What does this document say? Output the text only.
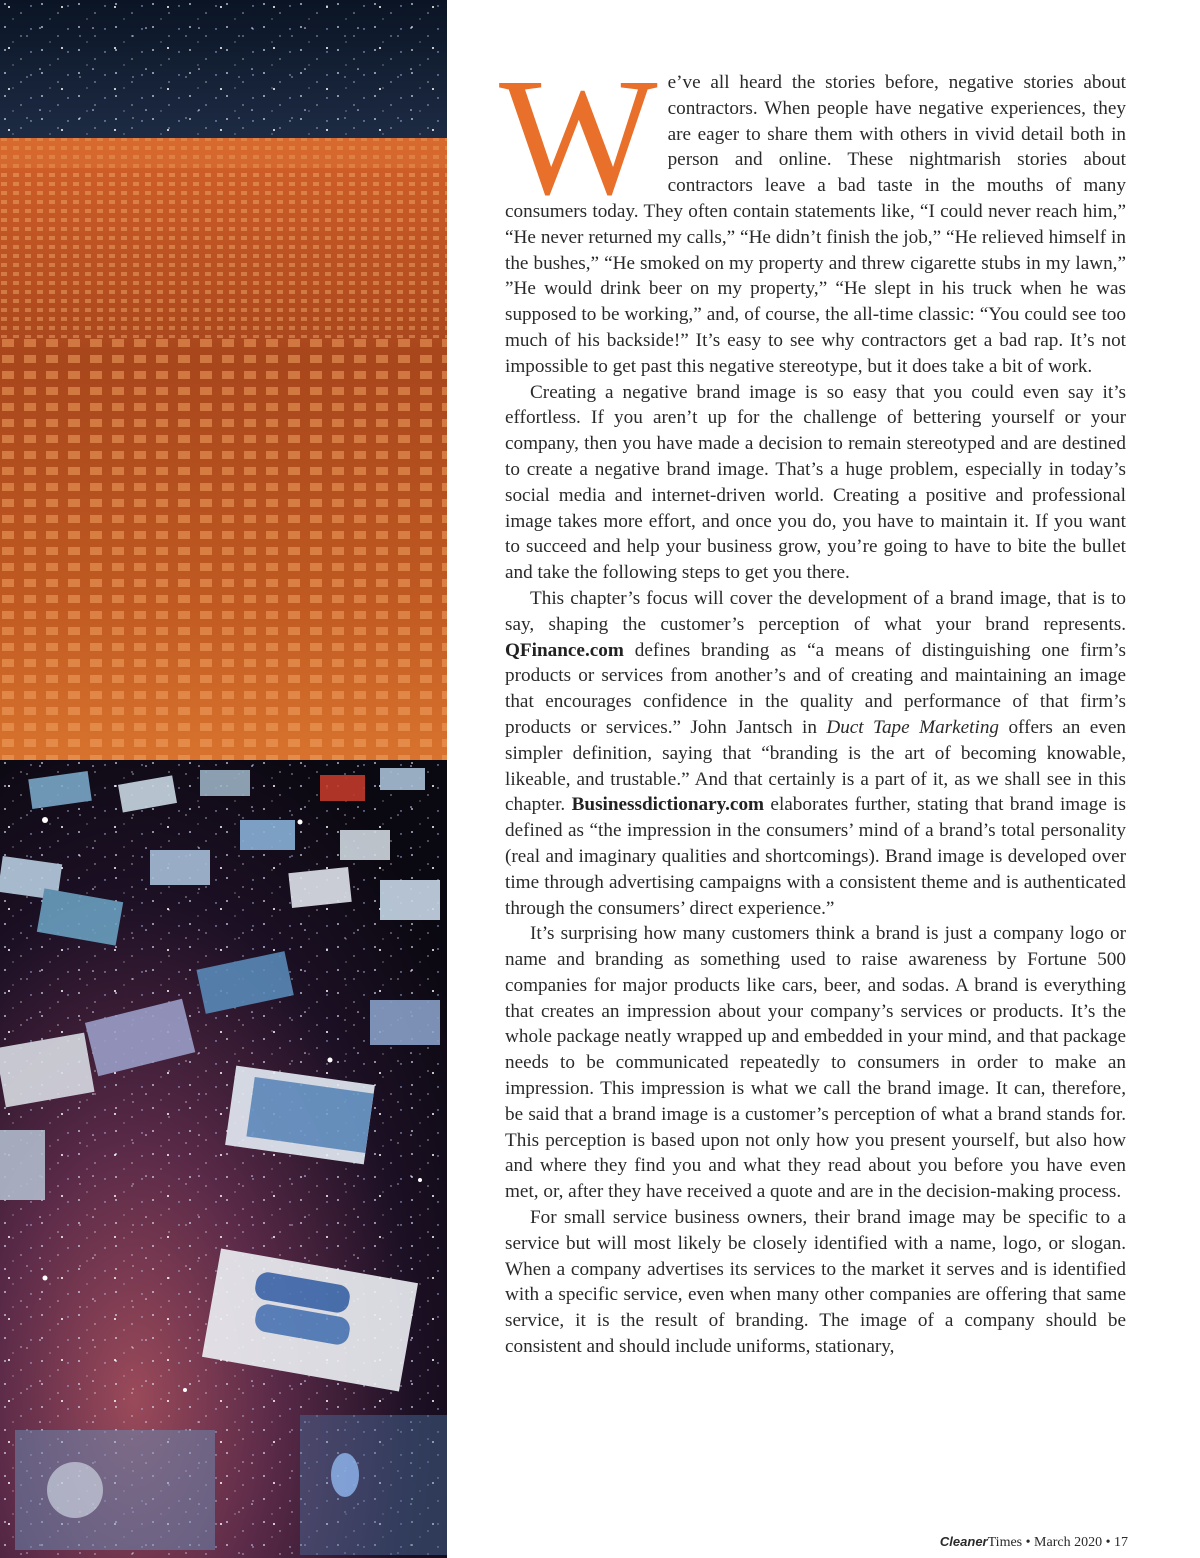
We’ve all heard the stories before, negative stories about contractors. When people have negative experiences, they are eager to share them with others in vivid detail both in person and online. These nightmarish stories about contractors leave a bad taste in the mouths of many consumers today. They often contain statements like, “I could never reach him,” “He never returned my calls,” “He didn’t finish the job,” “He relieved himself in the bushes,” “He smoked on my property and threw cigarette stubs in my lawn,” ”He would drink beer on my property,” “He slept in his truck when he was supposed to be working,” and, of course, the all-time classic: “You could see too much of his backside!” It’s easy to see why contractors get a bad rap. It’s not impossible to get past this negative stereotype, but it does take a bit of work.

Creating a negative brand image is so easy that you could even say it’s effortless. If you aren’t up for the challenge of bettering yourself or your company, then you have made a decision to remain stereotyped and are destined to create a negative brand image. That’s a huge problem, especially in today’s social media and internet-driven world. Creating a positive and professional image takes more effort, and once you do, you have to maintain it. If you want to succeed and help your business grow, you’re going to have to bite the bullet and take the following steps to get you there.

This chapter’s focus will cover the development of a brand image, that is to say, shaping the customer’s perception of what your brand represents. QFinance.com defines branding as “a means of distinguishing one firm’s products or services from another’s and of creating and maintaining an image that encourages confidence in the quality and performance of that firm’s products or services.” John Jantsch in Duct Tape Marketing offers an even simpler definition, saying that “branding is the art of becoming knowable, likeable, and trustable.” And that certainly is a part of it, as we shall see in this chapter. Businessdictionary.com elaborates further, stating that brand image is defined as “the impression in the consumers’ mind of a brand’s total personality (real and imaginary qualities and shortcomings). Brand image is developed over time through advertising campaigns with a consistent theme and is authenticated through the consumers’ direct experience.”

It’s surprising how many customers think a brand is just a company logo or name and branding as something used to raise awareness by Fortune 500 companies for major products like cars, beer, and sodas. A brand is everything that creates an impression about your company’s services or products. It’s the whole package neatly wrapped up and embedded in your mind, and that package needs to be communicated repeatedly to consumers in order to make an impression. This impression is what we call the brand image. It can, therefore, be said that a brand image is a customer’s perception of what a brand stands for. This perception is based upon not only how you present yourself, but also how and where they find you and what they read about you before you have even met, or, after they have received a quote and are in the decision-making process.

For small service business owners, their brand image may be specific to a service but will most likely be closely identified with a name, logo, or slogan. When a company advertises its services to the market it serves and is identified with a specific service, even when many other companies are offering that same service, it is the result of branding. The image of a company should be consistent and should include uniforms, stationary,

CleanerTimes • March 2020 • 17
